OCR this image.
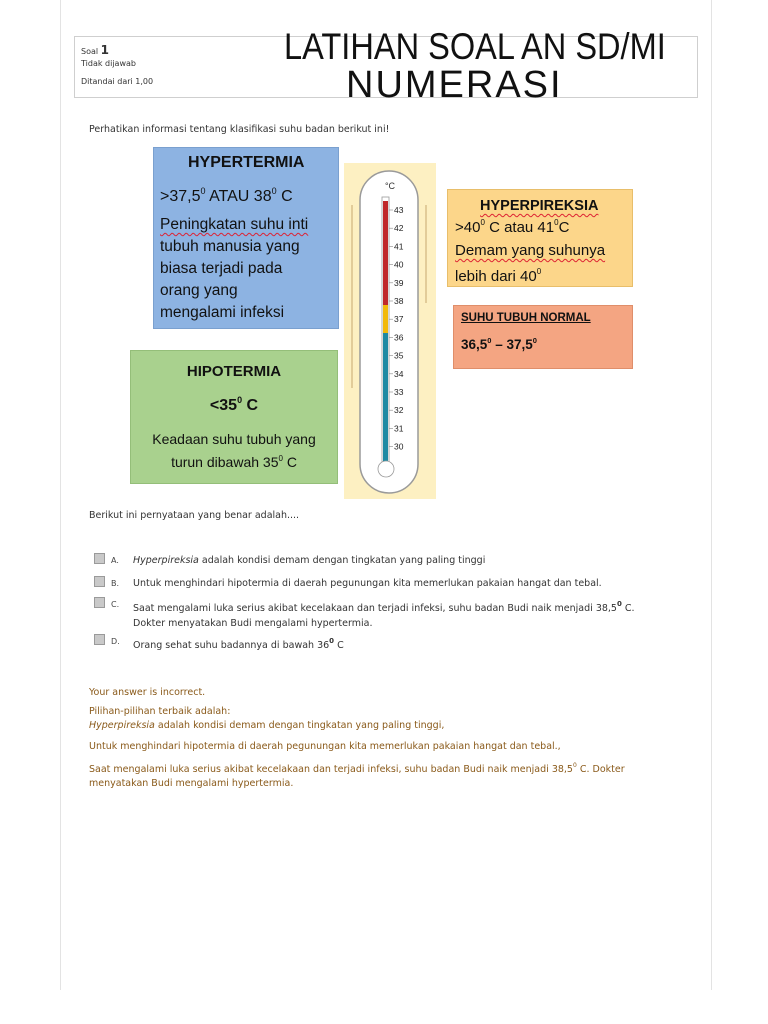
Soal 1
Tidak dijawab
Ditandai dari 1,00
LATIHAN SOAL AN SD/MI
NUMERASI
Perhatikan informasi tentang klasifikasi suhu badan berikut ini!
HYPERTERMIA
$>37,5^0$ ATAU $38^0$ C
Peningkatan suhu inti
tubuh manusia yang
biasa terjadi pada
orang yang
mengalami infeksi
HIPOTERMIA
$<35^0$ C
Keadaan suhu tubuh yang
turun dibawah $35^0$ C
°C
43
42
41
40
39
38
37
36
35
34
33
32
31
30
HYPERPIREKSIA
$>40^0$ C atau $41^0C$
Demam yang suhunya
lebih dari $40^0$
SUHU TUBUH NORMAL
36,5$^0$ – 37,5$^0$
Berikut ini pernyataan yang benar adalah....
A. Hyperpireksia adalah kondisi demam dengan tingkatan yang paling tinggi
B. Untuk menghindari hipotermia di daerah pegunungan kita memerlukan pakaian hangat dan tebal.
C. Saat mengalami luka serius akibat kecelakaan dan terjadi infeksi, suhu badan Budi naik menjadi 38,5$^0$ C.
Dokter menyatakan Budi mengalami hypertermia.
D. Orang sehat suhu badannya di bawah $36^0$ C
Your answer is incorrect.
Pilihan-pilihan terbaik adalah:
Hyperpireksia adalah kondisi demam dengan tingkatan yang paling tinggi,
Untuk menghindari hipotermia di daerah pegunungan kita memerlukan pakaian hangat dan tebal.,
Saat mengalami luka serius akibat kecelakaan dan terjadi infeksi, suhu badan Budi naik menjadi 38,5$^0$ C. Dokter
menyatakan Budi mengalami hypertermia.
